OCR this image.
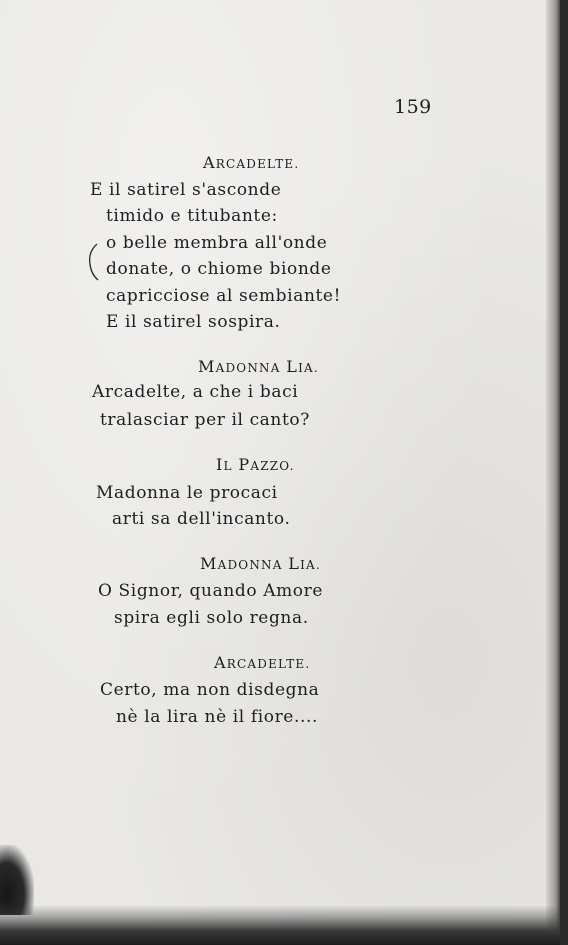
159
ARCADELTE.
E il satirel s'asconde
timido e titubante:
o belle membra all'onde
donate, o chiome bionde
capricciose al sembiante!
E il satirel sospira.
MADONNA LIA.
Arcadelte, a che i baci
tralasciar per il canto?
IL PAZZO.
Madonna le procaci
arti sa dell'incanto.
MADONNA LIA.
O Signor, quando Amore
spira egli solo regna.
ARCADELTE.
Certo, ma non disdegna
nè la lira nè il fiore....
